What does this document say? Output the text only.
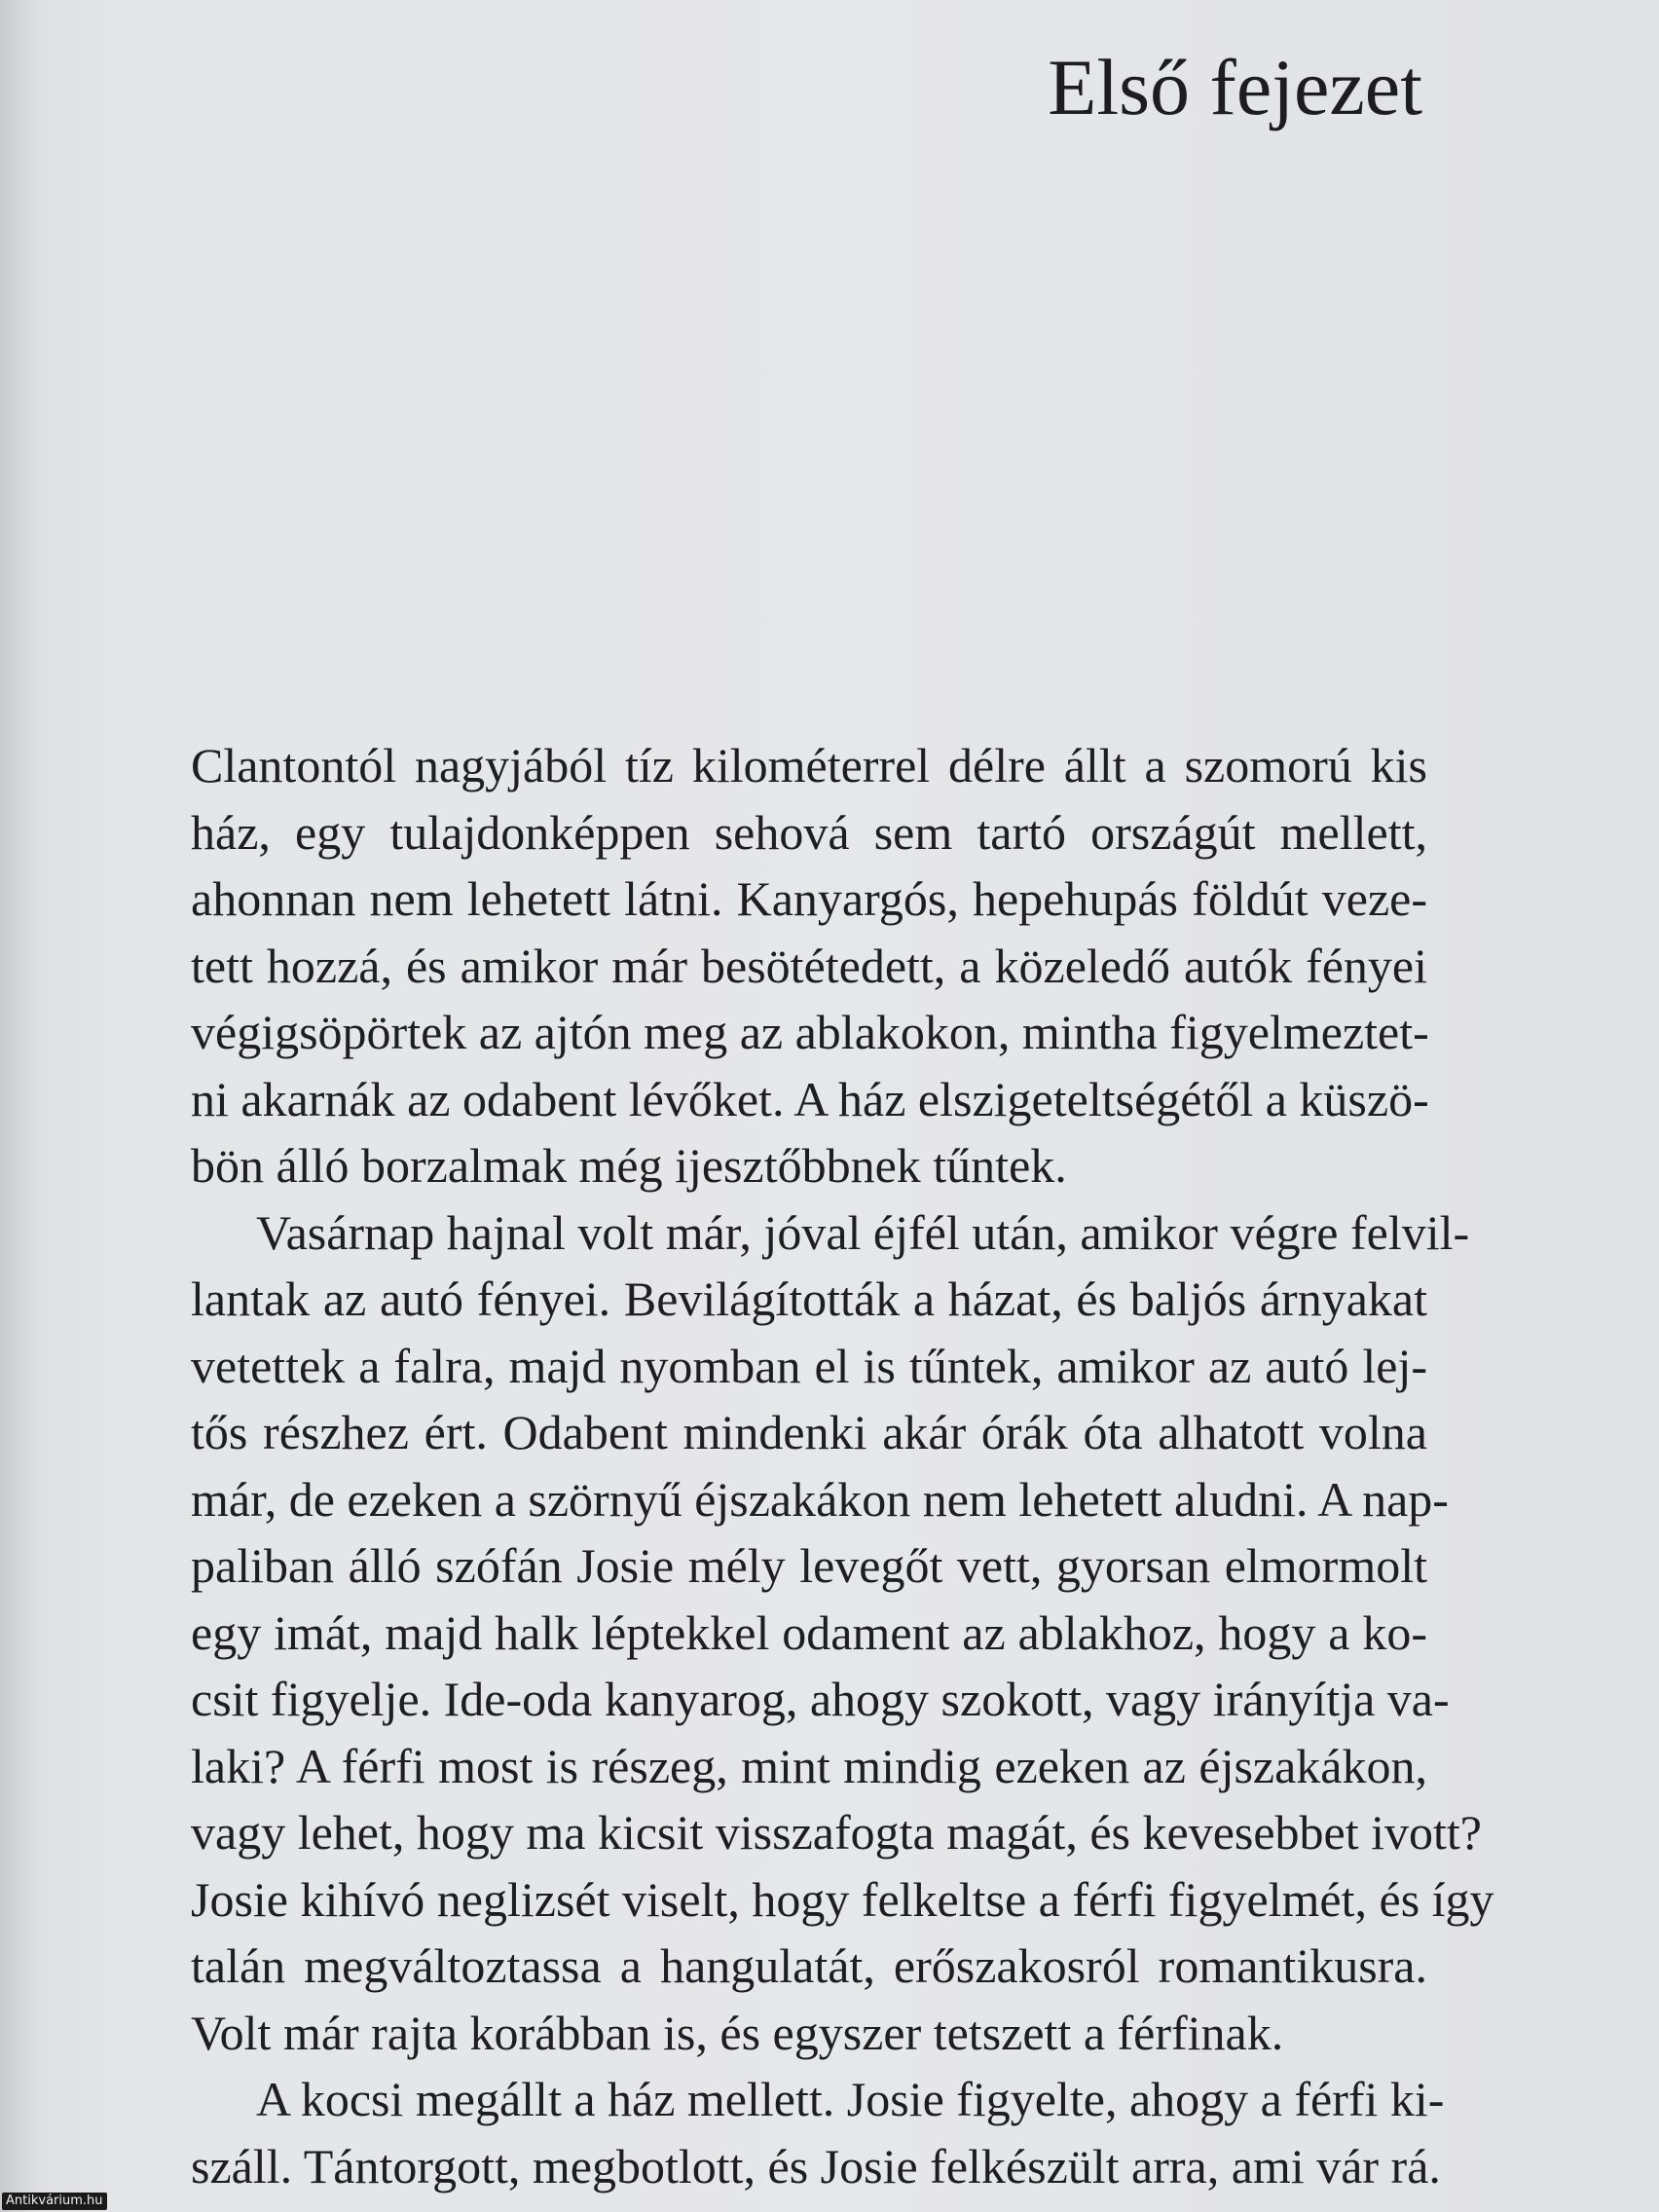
Első fejezet
Clantontól nagyjából tíz kilométerrel délre állt a szomorú kis
ház, egy tulajdonképpen sehová sem tartó országút mellett,
ahonnan nem lehetett látni. Kanyargós, hepehupás földút veze-
tett hozzá, és amikor már besötétedett, a közeledő autók fényei
végigsöpörtek az ajtón meg az ablakokon, mintha figyelmeztet-
ni akarnák az odabent lévőket. A ház elszigeteltségétől a küszö-
bön álló borzalmak még ijesztőbbnek tűntek.
Vasárnap hajnal volt már, jóval éjfél után, amikor végre felvil-
lantak az autó fényei. Bevilágították a házat, és baljós árnyakat
vetettek a falra, majd nyomban el is tűntek, amikor az autó lej-
tős részhez ért. Odabent mindenki akár órák óta alhatott volna
már, de ezeken a szörnyű éjszakákon nem lehetett aludni. A nap-
paliban álló szófán Josie mély levegőt vett, gyorsan elmormolt
egy imát, majd halk léptekkel odament az ablakhoz, hogy a ko-
csit figyelje. Ide-oda kanyarog, ahogy szokott, vagy irányítja va-
laki? A férfi most is részeg, mint mindig ezeken az éjszakákon,
vagy lehet, hogy ma kicsit visszafogta magát, és kevesebbet ivott?
Josie kihívó neglizsét viselt, hogy felkeltse a férfi figyelmét, és így
talán megváltoztassa a hangulatát, erőszakosról romantikusra.
Volt már rajta korábban is, és egyszer tetszett a férfinak.
A kocsi megállt a ház mellett. Josie figyelte, ahogy a férfi ki-
száll. Tántorgott, megbotlott, és Josie felkészült arra, ami vár rá.
Antikvárium.hu
